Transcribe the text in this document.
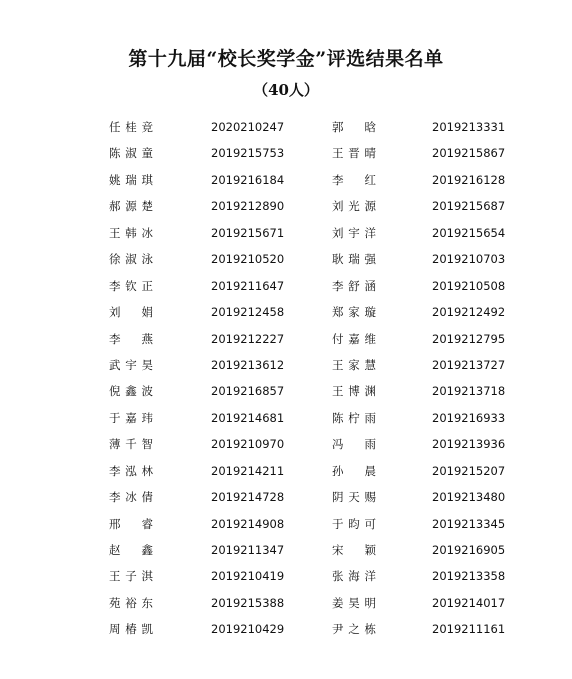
第十九届“校长奖学金”评选结果名单
（40人）
任桂竞	2020210247	郭 晗	2019213331
陈淑童	2019215753	王晋晴	2019215867
姚瑞琪	2019216184	李 红	2019216128
郝源楚	2019212890	刘光源	2019215687
王韩冰	2019215671	刘宇洋	2019215654
徐淑泳	2019210520	耿瑞强	2019210703
李钦正	2019211647	李舒涵	2019210508
刘 娟	2019212458	郑家璇	2019212492
李 燕	2019212227	付嘉维	2019212795
武宇昊	2019213612	王家慧	2019213727
倪鑫波	2019216857	王博渊	2019213718
于嘉玮	2019214681	陈柠雨	2019216933
薄千智	2019210970	冯 雨	2019213936
李泓林	2019214211	孙 晨	2019215207
李冰倩	2019214728	阴天赐	2019213480
邢 睿	2019214908	于昀可	2019213345
赵 鑫	2019211347	宋 颖	2019216905
王子淇	2019210419	张海洋	2019213358
苑裕东	2019215388	姜昊明	2019214017
周椿凯	2019210429	尹之栋	2019211161
